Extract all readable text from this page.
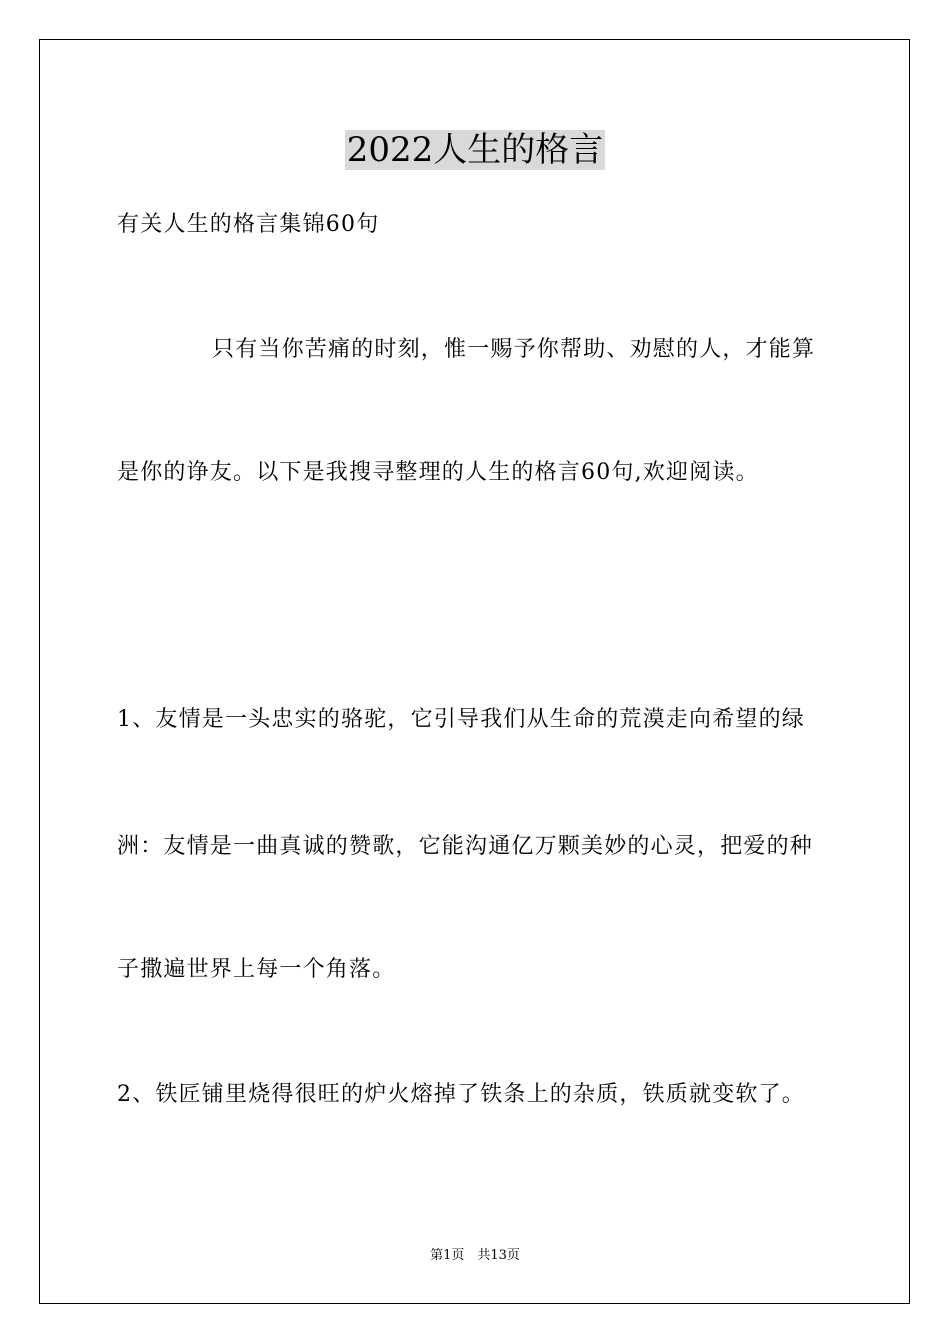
2022人生的格言
有关人生的格言集锦60句
只有当你苦痛的时刻，惟一赐予你帮助、劝慰的人，才能算
是你的诤友。以下是我搜寻整理的人生的格言60句,欢迎阅读。
1、友情是一头忠实的骆驼，它引导我们从生命的荒漠走向希望的绿
洲：友情是一曲真诚的赞歌，它能沟通亿万颗美妙的心灵，把爱的种
子撒遍世界上每一个角落。
2、铁匠铺里烧得很旺的炉火熔掉了铁条上的杂质，铁质就变软了。
第1页　共13页
